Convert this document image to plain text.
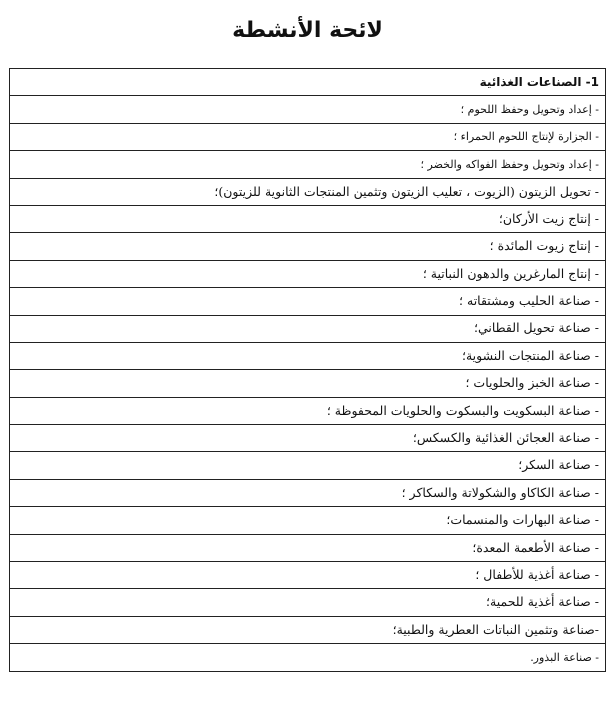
لائحة الأنشطة
1- الصناعات الغذائية
- إعداد وتحويل وحفظ اللحوم ؛
- الجزارة لإنتاج اللحوم الحمراء ؛
- إعداد وتحويل وحفظ الفواكه والخضر ؛
- تحويل الزيتون (الزيوت ، تعليب الزيتون وتثمين المنتجات الثانوية للزيتون)؛
- إنتاج زيت الأركان؛
- إنتاج زيوت المائدة ؛
- إنتاج المارغرين والدهون النباتية ؛
- صناعة الحليب ومشتقاته ؛
- صناعة تحويل القطاني؛
- صناعة المنتجات النشوية؛
- صناعة الخبز والحلويات ؛
- صناعة البسكويت والبسكوت والحلويات المحفوظة ؛
- صناعة العجائن الغذائية والكسكس؛
- صناعة السكر؛
- صناعة الكاكاو والشكولاتة والسكاكر ؛
- صناعة البهارات والمنسمات؛
- صناعة الأطعمة المعدة؛
- صناعة أغذية للأطفال ؛
- صناعة أغذية للحمية؛
-صناعة وتثمين النباتات العطرية والطبية؛
- صناعة البذور.
